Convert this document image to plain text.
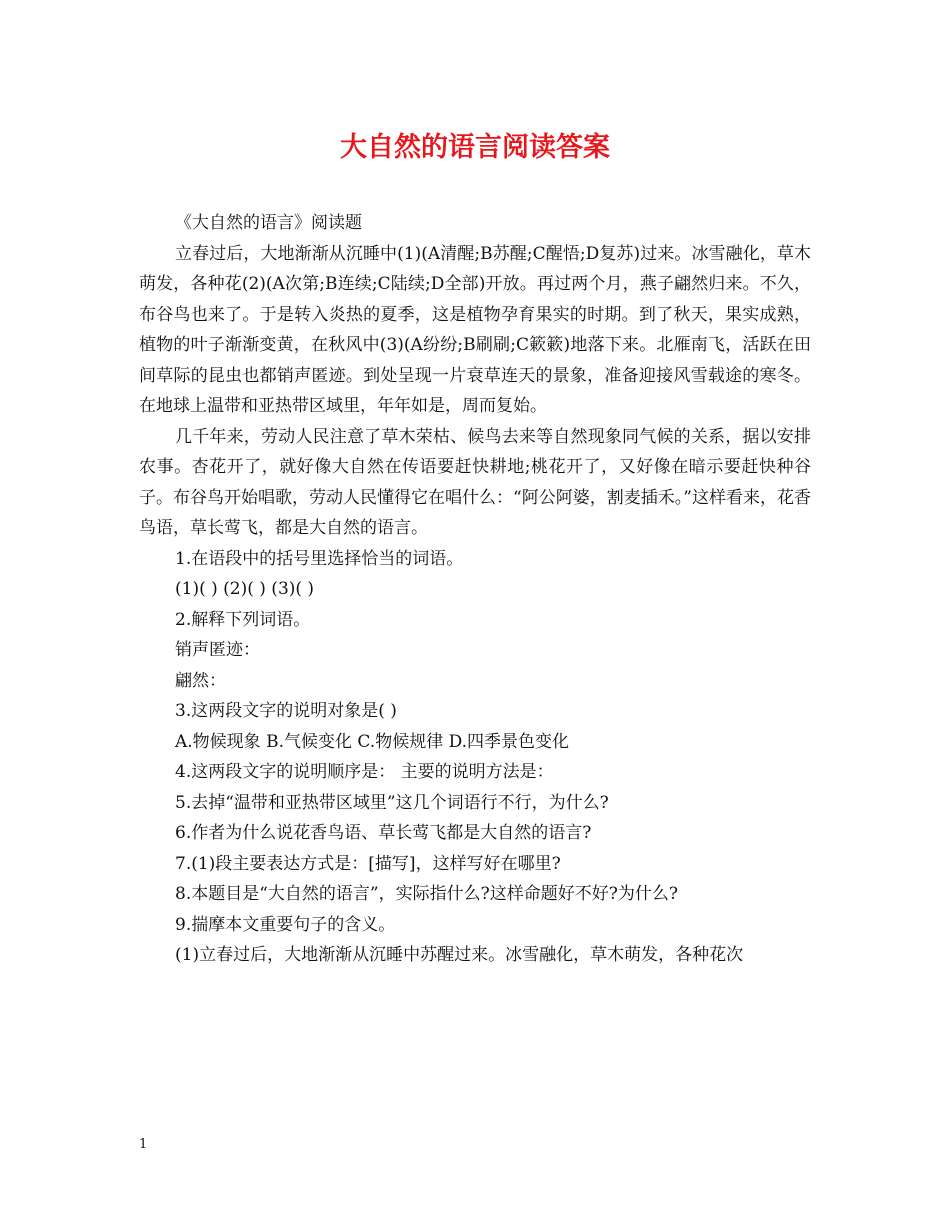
大自然的语言阅读答案

《大自然的语言》阅读题

立春过后，大地渐渐从沉睡中(1)(A清醒;B苏醒;C醒悟;D复苏)过来。冰雪融化，草木萌发，各种花(2)(A次第;B连续;C陆续;D全部)开放。再过两个月，燕子翩然归来。不久，布谷鸟也来了。于是转入炎热的夏季，这是植物孕育果实的时期。到了秋天，果实成熟，植物的叶子渐渐变黄，在秋风中(3)(A纷纷;B刷刷;C簌簌)地落下来。北雁南飞，活跃在田间草际的昆虫也都销声匿迹。到处呈现一片衰草连天的景象，准备迎接风雪载途的寒冬。在地球上温带和亚热带区域里，年年如是，周而复始。

几千年来，劳动人民注意了草木荣枯、候鸟去来等自然现象同气候的关系，据以安排农事。杏花开了，就好像大自然在传语要赶快耕地;桃花开了，又好像在暗示要赶快种谷子。布谷鸟开始唱歌，劳动人民懂得它在唱什么：“阿公阿婆，割麦插禾。”这样看来，花香鸟语，草长莺飞，都是大自然的语言。

1.在语段中的括号里选择恰当的词语。

(1)( ) (2)( ) (3)( )

2.解释下列词语。

销声匿迹：

翩然：

3.这两段文字的说明对象是( )

A.物候现象 B.气候变化 C.物候规律 D.四季景色变化

4.这两段文字的说明顺序是： 主要的说明方法是：

5.去掉“温带和亚热带区域里”这几个词语行不行，为什么?

6.作者为什么说花香鸟语、草长莺飞都是大自然的语言?

7.(1)段主要表达方式是：[描写]，这样写好在哪里?

8.本题目是“大自然的语言”，实际指什么?这样命题好不好?为什么?

9.揣摩本文重要句子的含义。

(1)立春过后，大地渐渐从沉睡中苏醒过来。冰雪融化，草木萌发，各种花次

1
